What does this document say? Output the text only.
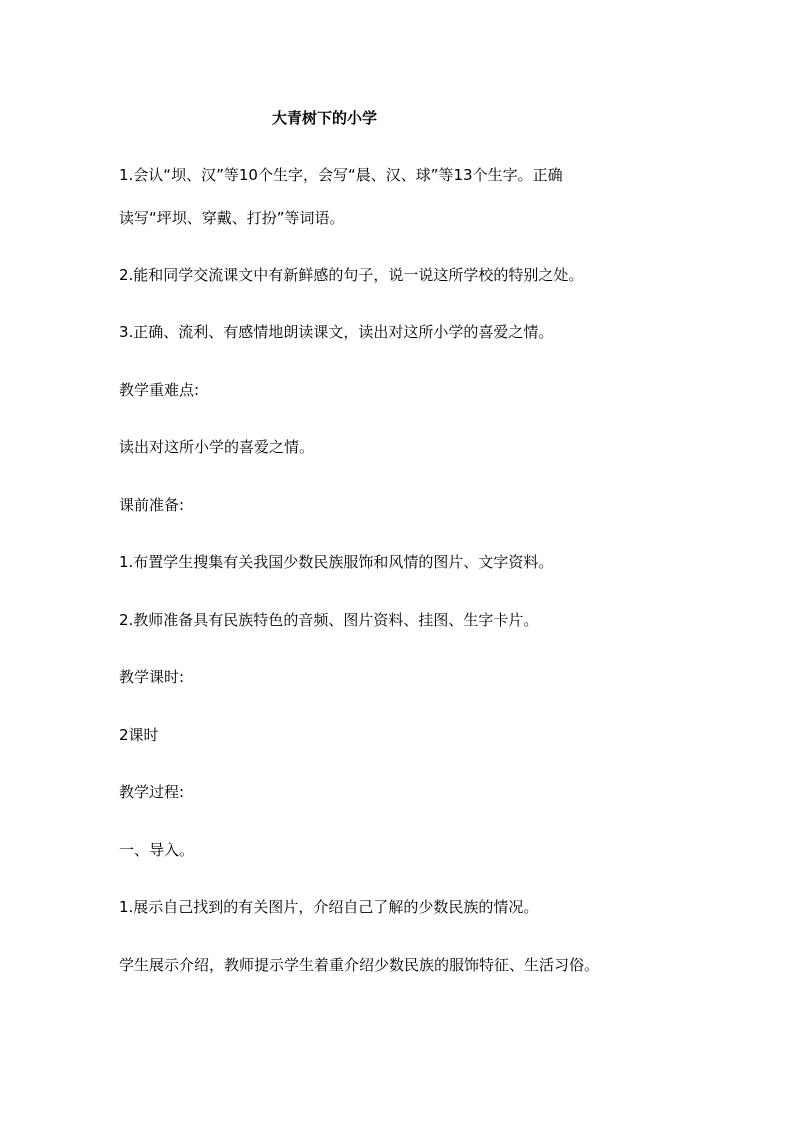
大青树下的小学
1.会认“坝、汉”等10个生字，会写“晨、汉、球”等13个生字。正确
读写“坪坝、穿戴、打扮”等词语。
2.能和同学交流课文中有新鲜感的句子，说一说这所学校的特别之处。
3.正确、流利、有感情地朗读课文，读出对这所小学的喜爱之情。
教学重难点:
读出对这所小学的喜爱之情。
课前准备:
1.布置学生搜集有关我国少数民族服饰和风情的图片、文字资料。
2.教师准备具有民族特色的音频、图片资料、挂图、生字卡片。
教学课时:
2课时
教学过程:
一、导入。
1.展示自己找到的有关图片，介绍自己了解的少数民族的情况。
学生展示介绍，教师提示学生着重介绍少数民族的服饰特征、生活习俗。
